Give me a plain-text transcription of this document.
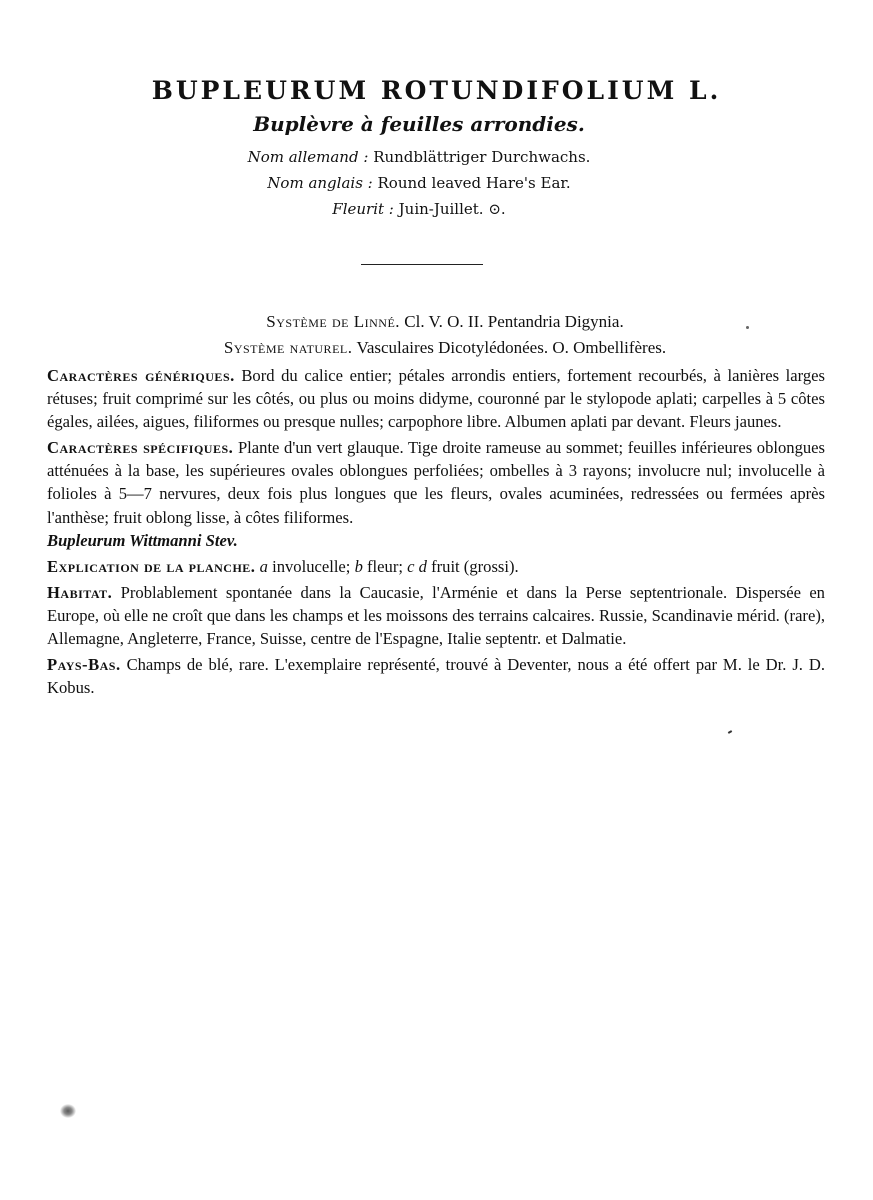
BUPLEURUM ROTUNDIFOLIUM L.
Buplèvre à feuilles arrondies.
Nom allemand : Rundblättriger Durchwachs.
Nom anglais : Round leaved Hare's Ear.
Fleurit : Juin-Juillet. ⊙.
Système de Linné. Cl. V. O. II. Pentandria Digynia.
Système naturel. Vasculaires Dicotylédonées. O. Ombellifères.

Caractères génériques. Bord du calice entier; pétales arrondis entiers, fortement recourbés, à lanières larges rétuses; fruit comprimé sur les côtés, ou plus ou moins didyme, couronné par le stylopode aplati; carpelles à 5 côtes égales, ailées, aigues, filiformes ou presque nulles; carpophore libre. Albumen aplati par devant. Fleurs jaunes.

Caractères spécifiques. Plante d'un vert glauque. Tige droite rameuse au sommet; feuilles inférieures oblongues atténuées à la base, les supérieures ovales oblongues perfoliées; ombelles à 3 rayons; involucre nul; involucelle à folioles à 5—7 nervures, deux fois plus longues que les fleurs, ovales acuminées, redressées ou fermées après l'anthèse; fruit oblong lisse, à côtes filiformes.
Bupleurum Wittmanni Stev.

Explication de la planche. a involucelle; b fleur; c d fruit (grossi).

Habitat. Problablement spontanée dans la Caucasie, l'Arménie et dans la Perse septentrionale. Dispersée en Europe, où elle ne croît que dans les champs et les moissons des terrains calcaires. Russie, Scandinavie mérid. (rare), Allemagne, Angleterre, France, Suisse, centre de l'Espagne, Italie septentr. et Dalmatie.

Pays-Bas. Champs de blé, rare. L'exemplaire représenté, trouvé à Deventer, nous a été offert par M. le Dr. J. D. Kobus.
